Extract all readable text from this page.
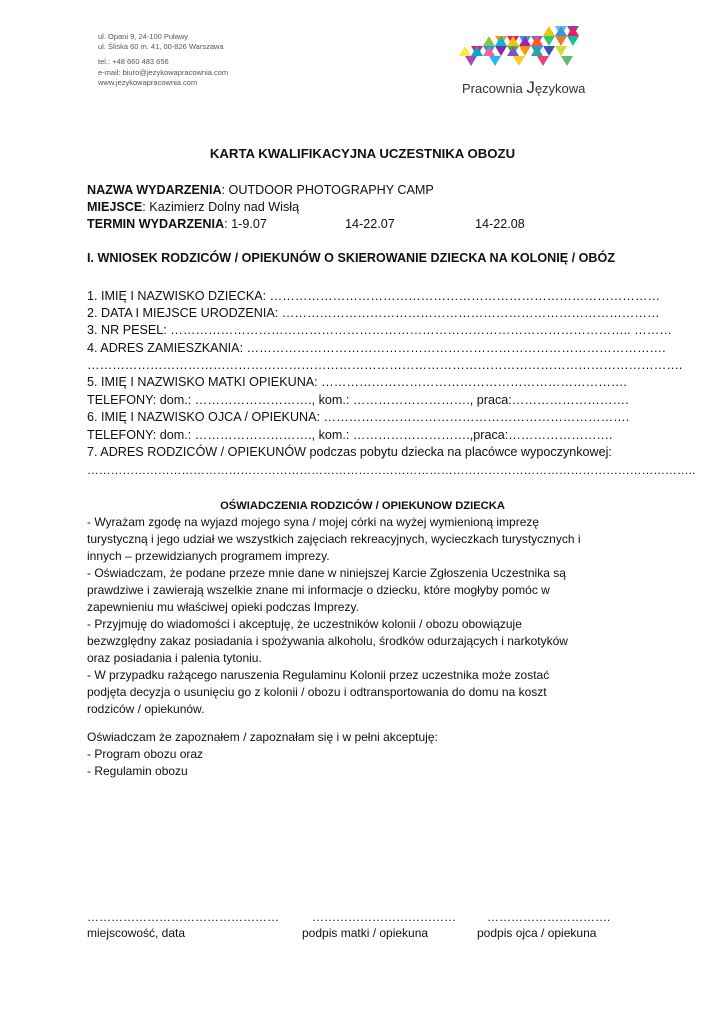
ul. Opani 9, 24-100 Puławy
ul. Śliska 60 m. 41, 00-826 Warszawa
tel.: +48 660 483 656
e-mail: biuro@jezykowapracownia.com
www.jezykowapracownia.com	Pracownia Językowa
KARTA KWALIFIKACYJNA UCZESTNIKA OBOZU
NAZWA WYDARZENIA: OUTDOOR PHOTOGRAPHY CAMP
MIEJSCE: Kazimierz Dolny nad Wisłą
TERMIN WYDARZENIA: 1-9.07	14-22.07	14-22.08
I. WNIOSEK RODZICÓW / OPIEKUNÓW O SKIEROWANIE DZIECKA NA KOLONIĘ / OBÓZ
1. IMIĘ I NAZWISKO DZIECKA: …………………………………………………………………………………
2. DATA I MIEJSCE URODZENIA: ………………………………………………………………………………
3. NR PESEL: ……………………………………………………………………………………………….. ………
4. ADRES ZAMIESZKANIA: ……………………………………………………………………………………….
…………………………………………………………………………………………………………………………….
5. IMIĘ I NAZWISKO MATKI OPIEKUNA: ……………………………………………………………….
TELEFONY: dom.: ………………………., kom.: ………………………., praca:……………………….
6. IMIĘ I NAZWISKO OJCA / OPIEKUNA: ……………………………………………………………….
TELEFONY: dom.: ………………………., kom.: ……………………….,praca:…………………….
7. ADRES RODZICÓW / OPIEKUNÓW podczas pobytu dziecka na placówce wypoczynkowej:
………………………………………………………………………………………………………………………………………..
OŚWIADCZENIA RODZICÓW / OPIEKUNOW DZIECKA
- Wyrażam zgodę na wyjazd mojego syna / mojej córki na wyżej wymienioną imprezę
turystyczną i jego udział we wszystkich zajęciach rekreacyjnych, wycieczkach turystycznych i
innych – przewidzianych programem imprezy.
- Oświadczam, że podane przeze mnie dane w niniejszej Karcie Zgłoszenia Uczestnika są
prawdziwe i zawierają wszelkie znane mi informacje o dziecku, które mogłyby pomóc w
zapewnieniu mu właściwej opieki podczas Imprezy.
- Przyjmuję do wiadomości i akceptuję, że uczestników kolonii / obozu obowiązuje
bezwzględny zakaz posiadania i spożywania alkoholu, środków odurzających i narkotyków
oraz posiadania i palenia tytoniu.
- W przypadku rażącego naruszenia Regulaminu Kolonii przez uczestnika może zostać
podjęta decyzja o usunięciu go z kolonii / obozu i odtransportowania do domu na koszt
rodziców / opiekunów.
Oświadczam że zapoznałem / zapoznałam się i w pełni akceptuję:
- Program obozu oraz
- Regulamin obozu
…………………………………………
miejscowość, data
………………………………
podpis matki / opiekuna
………………………….
podpis ojca / opiekuna
